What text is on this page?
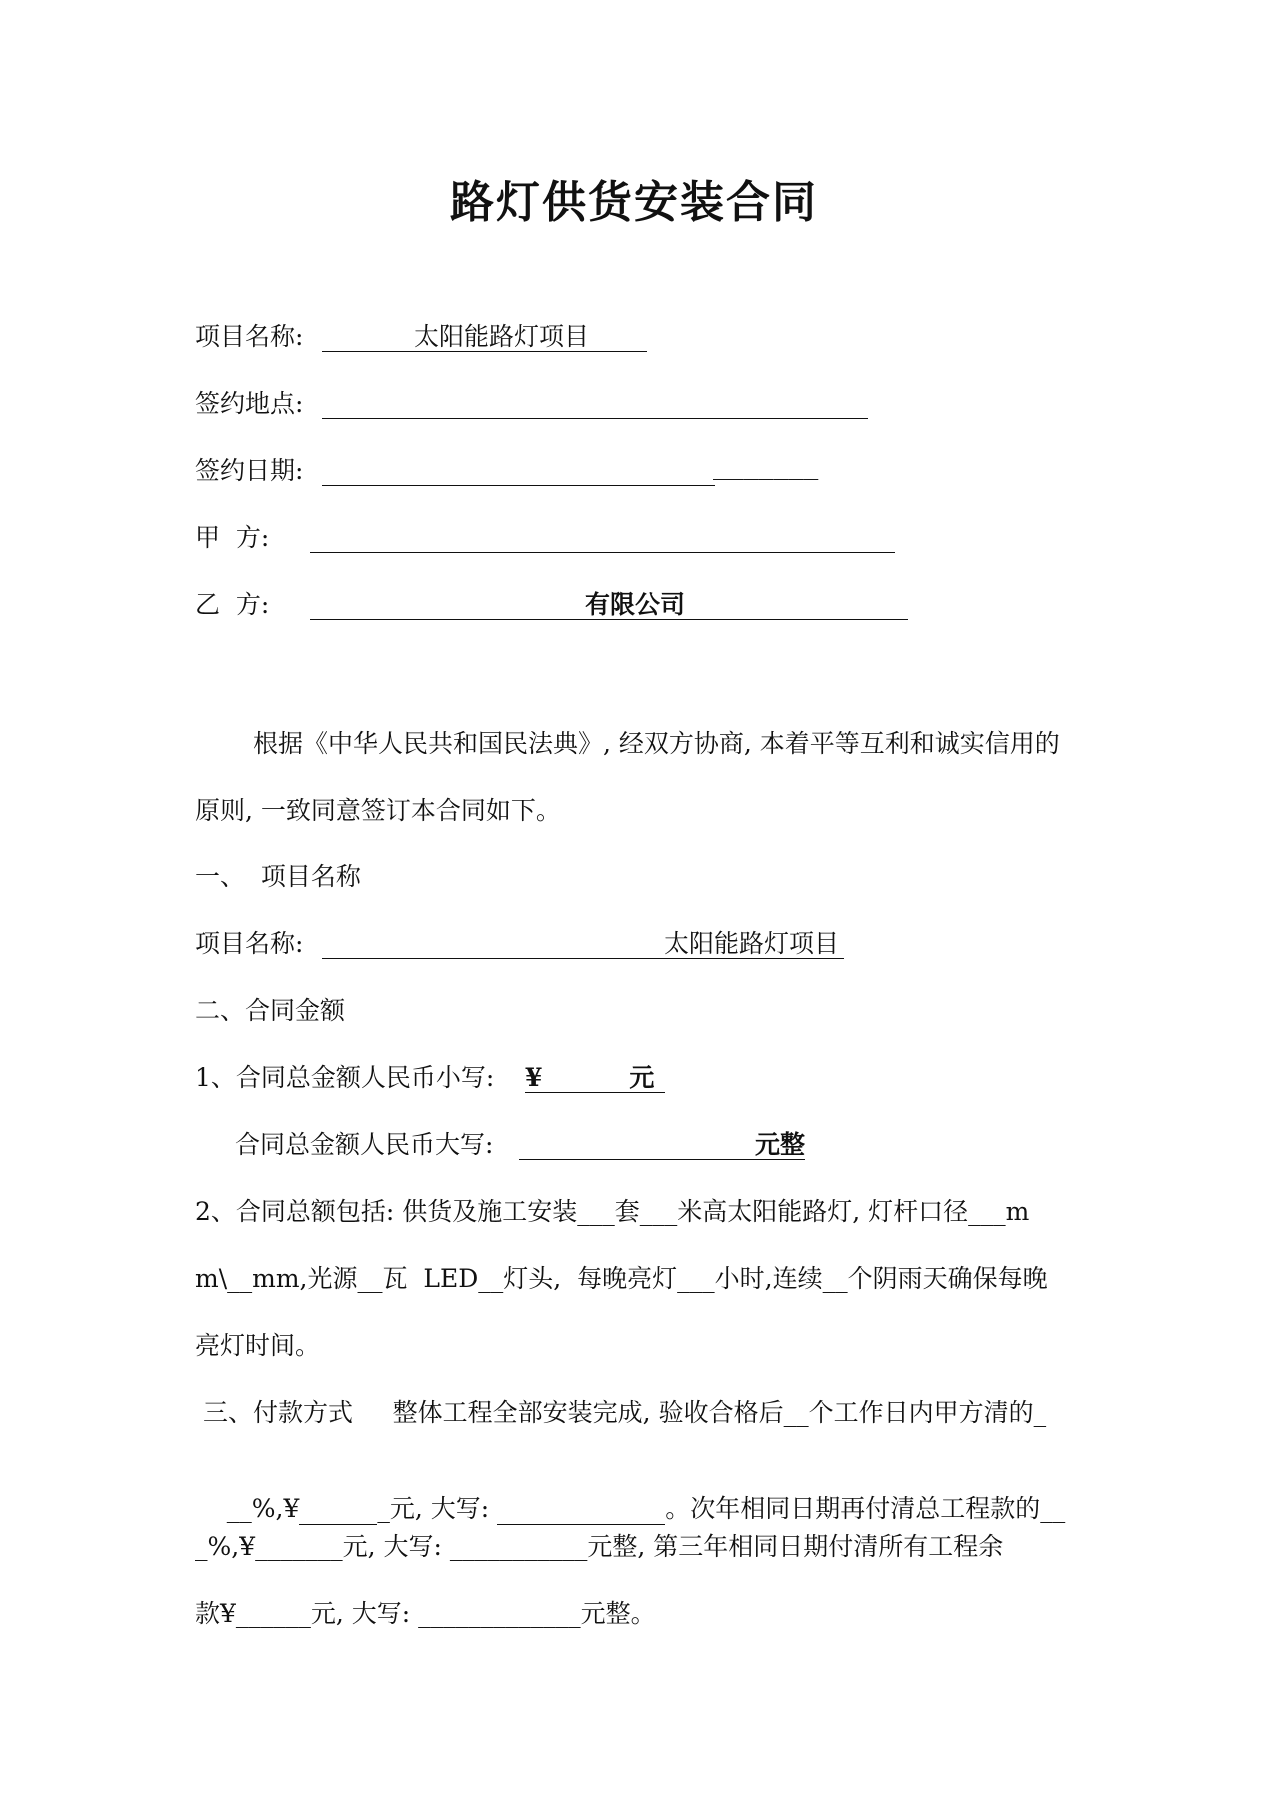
路灯供货安装合同
项目名称:	太阳能路灯项目
签约地点:
签约日期:	_______
甲  方:
乙  方:	有限公司
根据《中华人民共和国民法典》, 经双方协商, 本着平等互利和诚实信用的
原则, 一致同意签订本合同如下。
一、  项目名称
项目名称:	太阳能路灯项目
二、合同金额
1、合同总金额人民币小写: ¥          元
合同总金额人民币大写:	元整
2、合同总额包括: 供货及施工安装___套___米高太阳能路灯, 灯杆口径___m
m\__mm,光源__瓦  LED__灯头,  每晚亮灯___小时,连续__个阴雨天确保每晚
亮灯时间。
三、付款方式     整体工程全部安装完成, 验收合格后__个工作日内甲方清的_

__%,¥	_元, 大写:	。次年相同日期再付清总工程款的__

_%,¥_______元, 大写: ___________元整, 第三年相同日期付清所有工程余
款¥______元, 大写: _____________元整。
